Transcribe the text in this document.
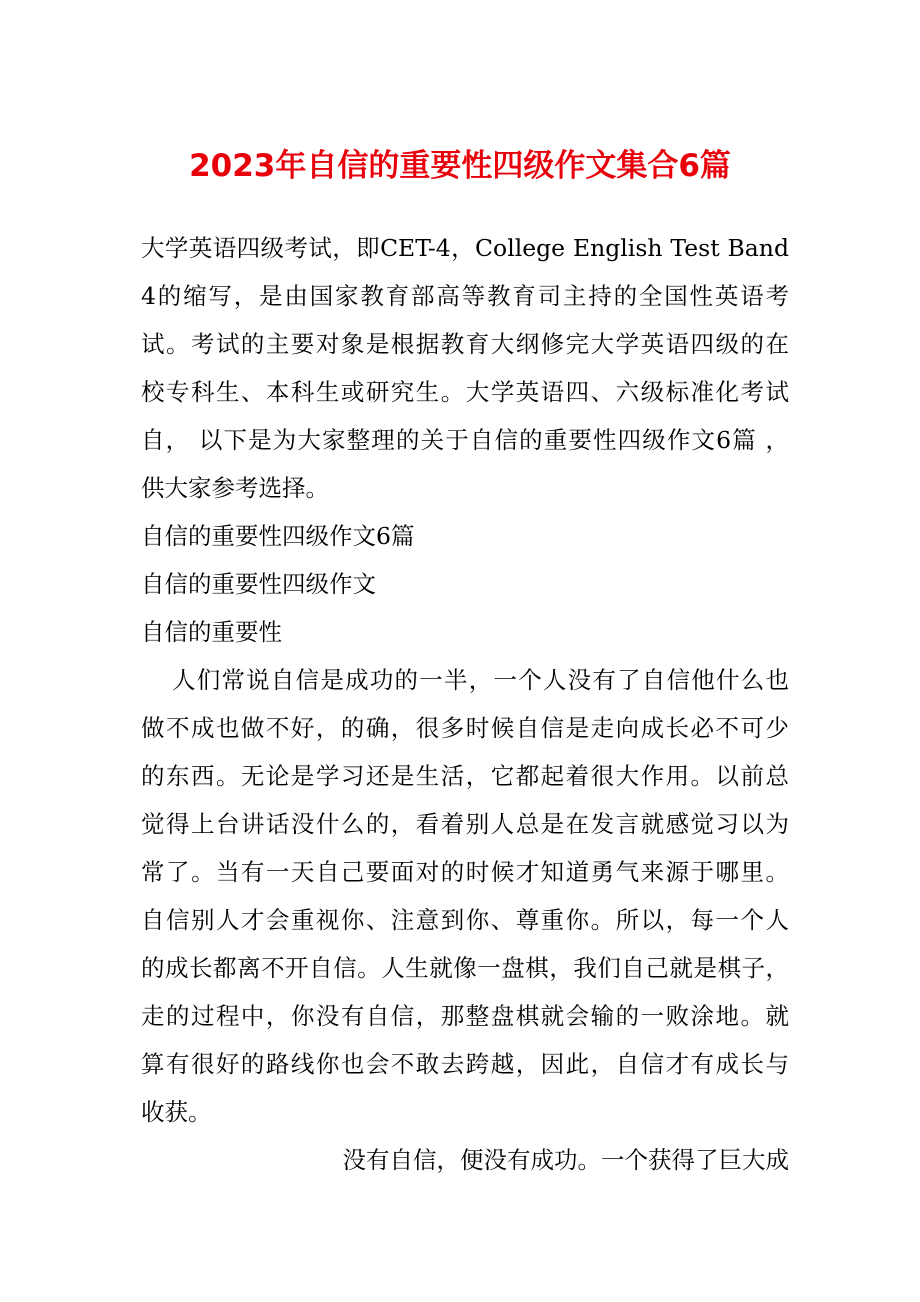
2023年自信的重要性四级作文集合6篇
大学英语四级考试，即CET-4，College English Test Band
4的缩写，是由国家教育部高等教育司主持的全国性英语考
试。考试的主要对象是根据教育大纲修完大学英语四级的在
校专科生、本科生或研究生。大学英语四、六级标准化考试
自， 以下是为大家整理的关于自信的重要性四级作文6篇 ，
供大家参考选择。
自信的重要性四级作文6篇
自信的重要性四级作文
自信的重要性
人们常说自信是成功的一半，一个人没有了自信他什么也
做不成也做不好，的确，很多时候自信是走向成长必不可少
的东西。无论是学习还是生活，它都起着很大作用。以前总
觉得上台讲话没什么的，看着别人总是在发言就感觉习以为
常了。当有一天自己要面对的时候才知道勇气来源于哪里。
自信别人才会重视你、注意到你、尊重你。所以，每一个人
的成长都离不开自信。人生就像一盘棋，我们自己就是棋子，
走的过程中，你没有自信，那整盘棋就会输的一败涂地。就
算有很好的路线你也会不敢去跨越，因此，自信才有成长与
收获。
没有自信，便没有成功。一个获得了巨大成
